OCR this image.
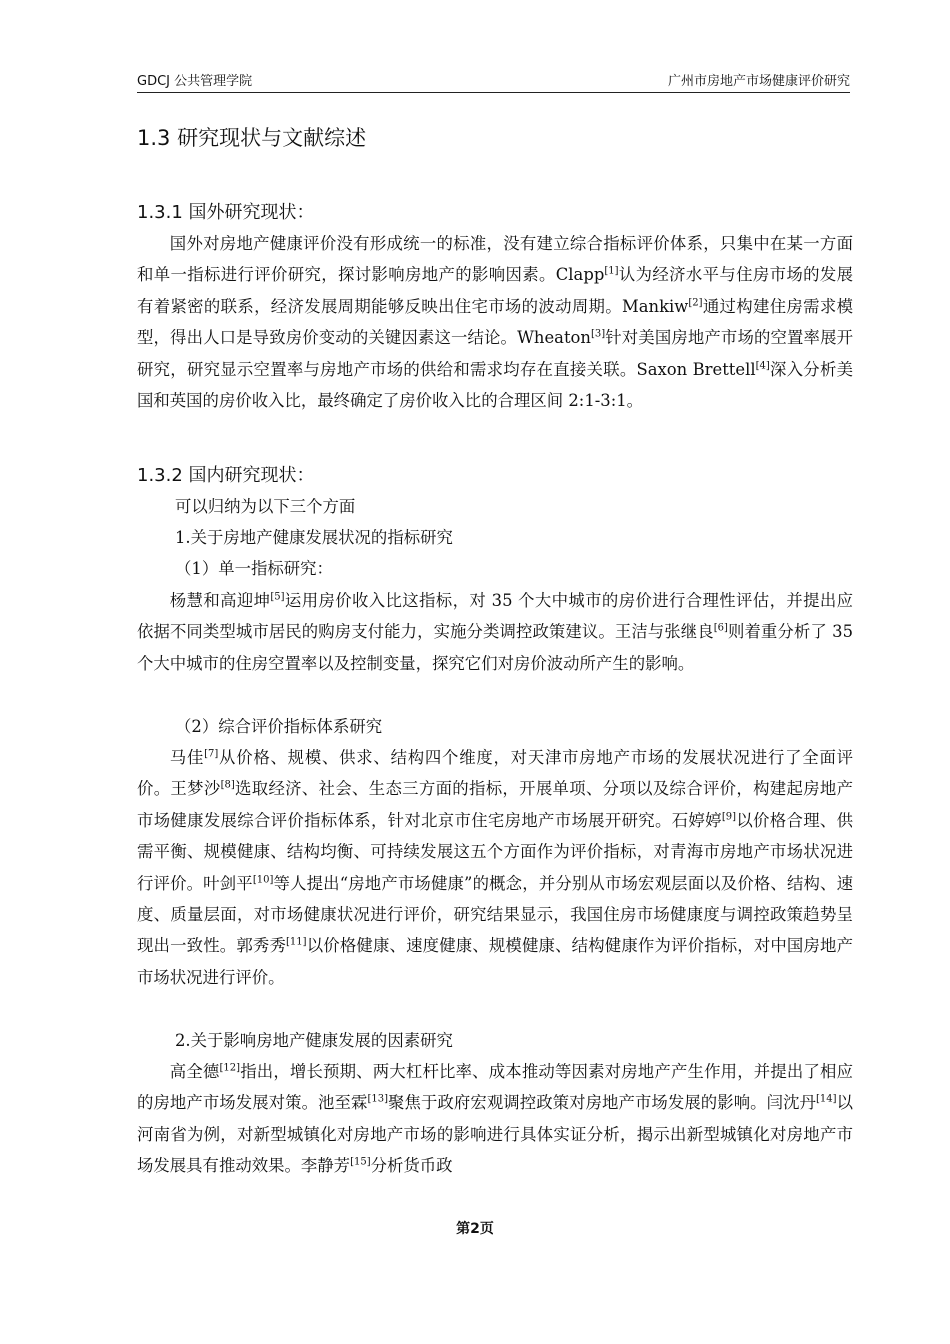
GDCJ 公共管理学院	广州市房地产市场健康评价研究
1.3 研究现状与文献综述
1.3.1 国外研究现状：

国外对房地产健康评价没有形成统一的标准，没有建立综合指标评价体系，只集中在某一方面和单一指标进行评价研究，探讨影响房地产的影响因素。Clapp[1]认为经济水平与住房市场的发展有着紧密的联系，经济发展周期能够反映出住宅市场的波动周期。Mankiw[2]通过构建住房需求模型，得出人口是导致房价变动的关键因素这一结论。Wheaton[3]针对美国房地产市场的空置率展开研究，研究显示空置率与房地产市场的供给和需求均存在直接关联。Saxon Brettell[4]深入分析美国和英国的房价收入比，最终确定了房价收入比的合理区间 2:1-3:1。

1.3.2 国内研究现状：
可以归纳为以下三个方面
1.关于房地产健康发展状况的指标研究
（1）单一指标研究：

杨慧和高迎坤[5]运用房价收入比这指标，对 35 个大中城市的房价进行合理性评估，并提出应依据不同类型城市居民的购房支付能力，实施分类调控政策建议。王洁与张继良[6]则着重分析了 35 个大中城市的住房空置率以及控制变量，探究它们对房价波动所产生的影响。

（2）综合评价指标体系研究

马佳[7]从价格、规模、供求、结构四个维度，对天津市房地产市场的发展状况进行了全面评价。王梦沙[8]选取经济、社会、生态三方面的指标，开展单项、分项以及综合评价，构建起房地产市场健康发展综合评价指标体系，针对北京市住宅房地产市场展开研究。石婷婷[9]以价格合理、供需平衡、规模健康、结构均衡、可持续发展这五个方面作为评价指标，对青海市房地产市场状况进行评价。叶剑平[10]等人提出“房地产市场健康”的概念，并分别从市场宏观层面以及价格、结构、速度、质量层面，对市场健康状况进行评价，研究结果显示，我国住房市场健康度与调控政策趋势呈现出一致性。郭秀秀[11]以价格健康、速度健康、规模健康、结构健康作为评价指标，对中国房地产市场状况进行评价。

2.关于影响房地产健康发展的因素研究

高全德[12]指出，增长预期、两大杠杆比率、成本推动等因素对房地产产生作用，并提出了相应的房地产市场发展对策。池至霖[13]聚焦于政府宏观调控政策对房地产市场发展的影响。闫沈丹[14]以河南省为例，对新型城镇化对房地产市场的影响进行具体实证分析，揭示出新型城镇化对房地产市场发展具有推动效果。李静芳[15]分析货币政

第2页
